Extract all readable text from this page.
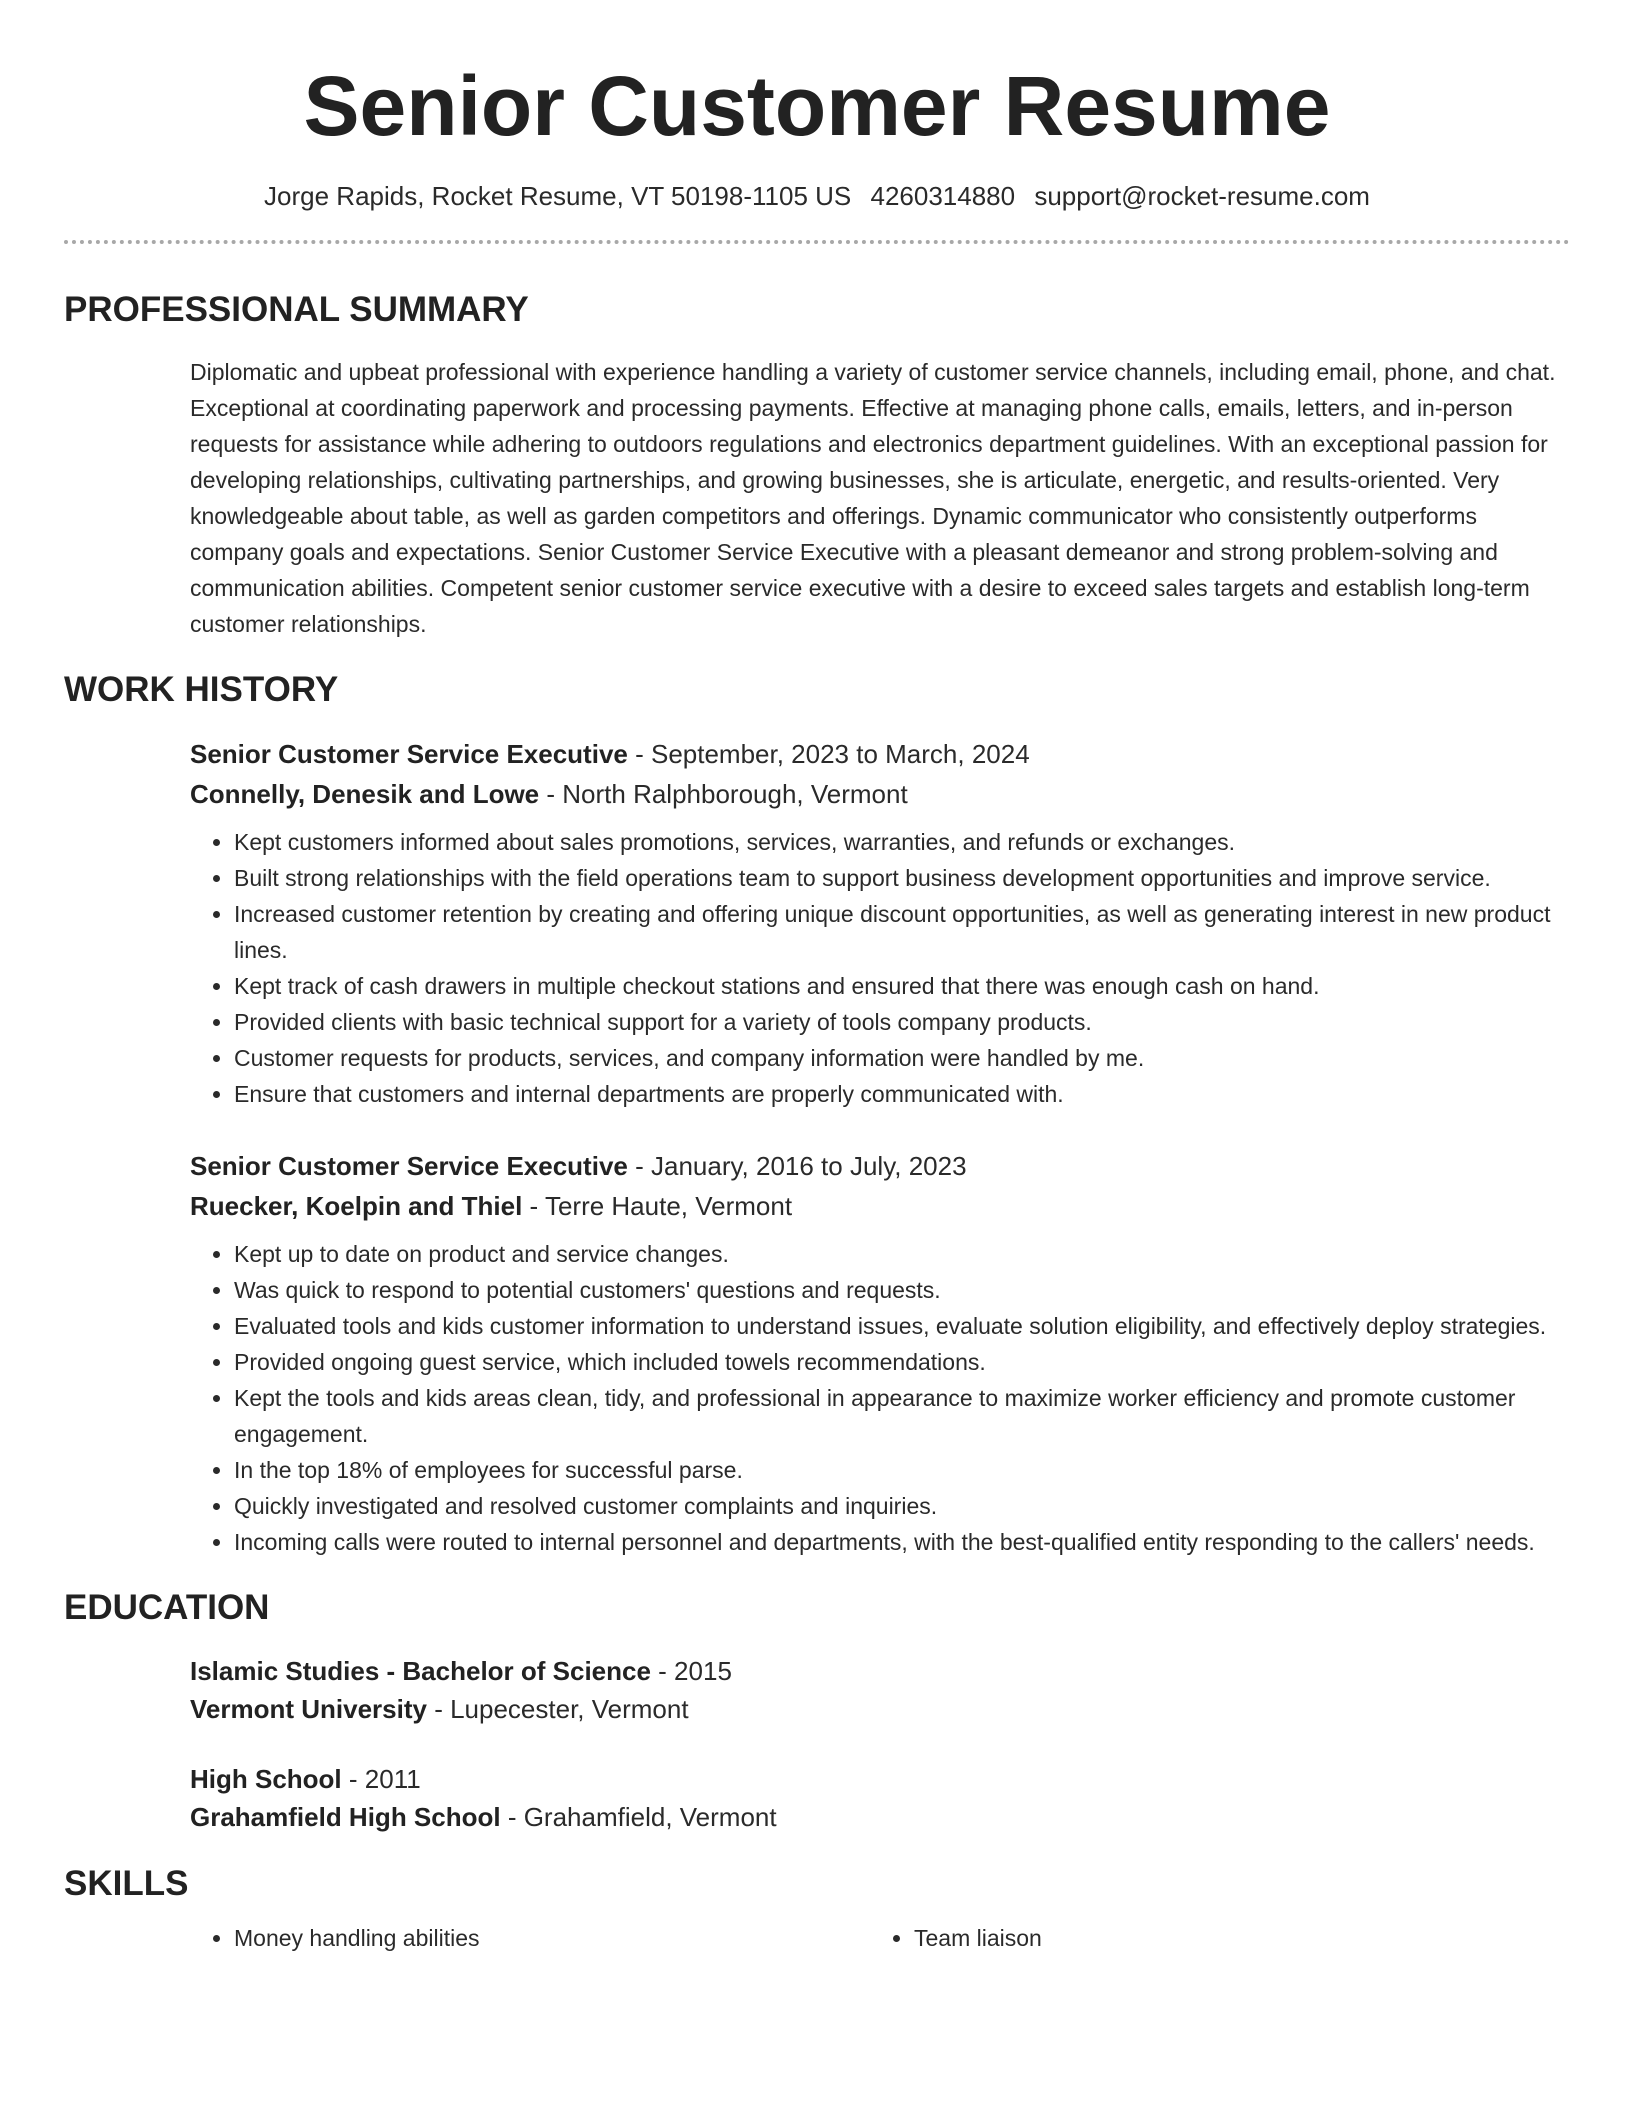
Senior Customer Resume
Jorge Rapids, Rocket Resume, VT 50198-1105 US 4260314880 support@rocket-resume.com
PROFESSIONAL SUMMARY
Diplomatic and upbeat professional with experience handling a variety of customer service channels, including email, phone, and chat. Exceptional at coordinating paperwork and processing payments. Effective at managing phone calls, emails, letters, and in-person requests for assistance while adhering to outdoors regulations and electronics department guidelines. With an exceptional passion for developing relationships, cultivating partnerships, and growing businesses, she is articulate, energetic, and results-oriented. Very knowledgeable about table, as well as garden competitors and offerings. Dynamic communicator who consistently outperforms company goals and expectations. Senior Customer Service Executive with a pleasant demeanor and strong problem-solving and communication abilities. Competent senior customer service executive with a desire to exceed sales targets and establish long-term customer relationships.
WORK HISTORY
Senior Customer Service Executive - September, 2023 to March, 2024
Connelly, Denesik and Lowe - North Ralphborough, Vermont
• Kept customers informed about sales promotions, services, warranties, and refunds or exchanges.
• Built strong relationships with the field operations team to support business development opportunities and improve service.
• Increased customer retention by creating and offering unique discount opportunities, as well as generating interest in new product lines.
• Kept track of cash drawers in multiple checkout stations and ensured that there was enough cash on hand.
• Provided clients with basic technical support for a variety of tools company products.
• Customer requests for products, services, and company information were handled by me.
• Ensure that customers and internal departments are properly communicated with.
Senior Customer Service Executive - January, 2016 to July, 2023
Ruecker, Koelpin and Thiel - Terre Haute, Vermont
• Kept up to date on product and service changes.
• Was quick to respond to potential customers' questions and requests.
• Evaluated tools and kids customer information to understand issues, evaluate solution eligibility, and effectively deploy strategies.
• Provided ongoing guest service, which included towels recommendations.
• Kept the tools and kids areas clean, tidy, and professional in appearance to maximize worker efficiency and promote customer engagement.
• In the top 18% of employees for successful parse.
• Quickly investigated and resolved customer complaints and inquiries.
• Incoming calls were routed to internal personnel and departments, with the best-qualified entity responding to the callers' needs.
EDUCATION
Islamic Studies - Bachelor of Science - 2015
Vermont University - Lupecester, Vermont
High School - 2011
Grahamfield High School - Grahamfield, Vermont
SKILLS
• Money handling abilities
•	Team liaison
